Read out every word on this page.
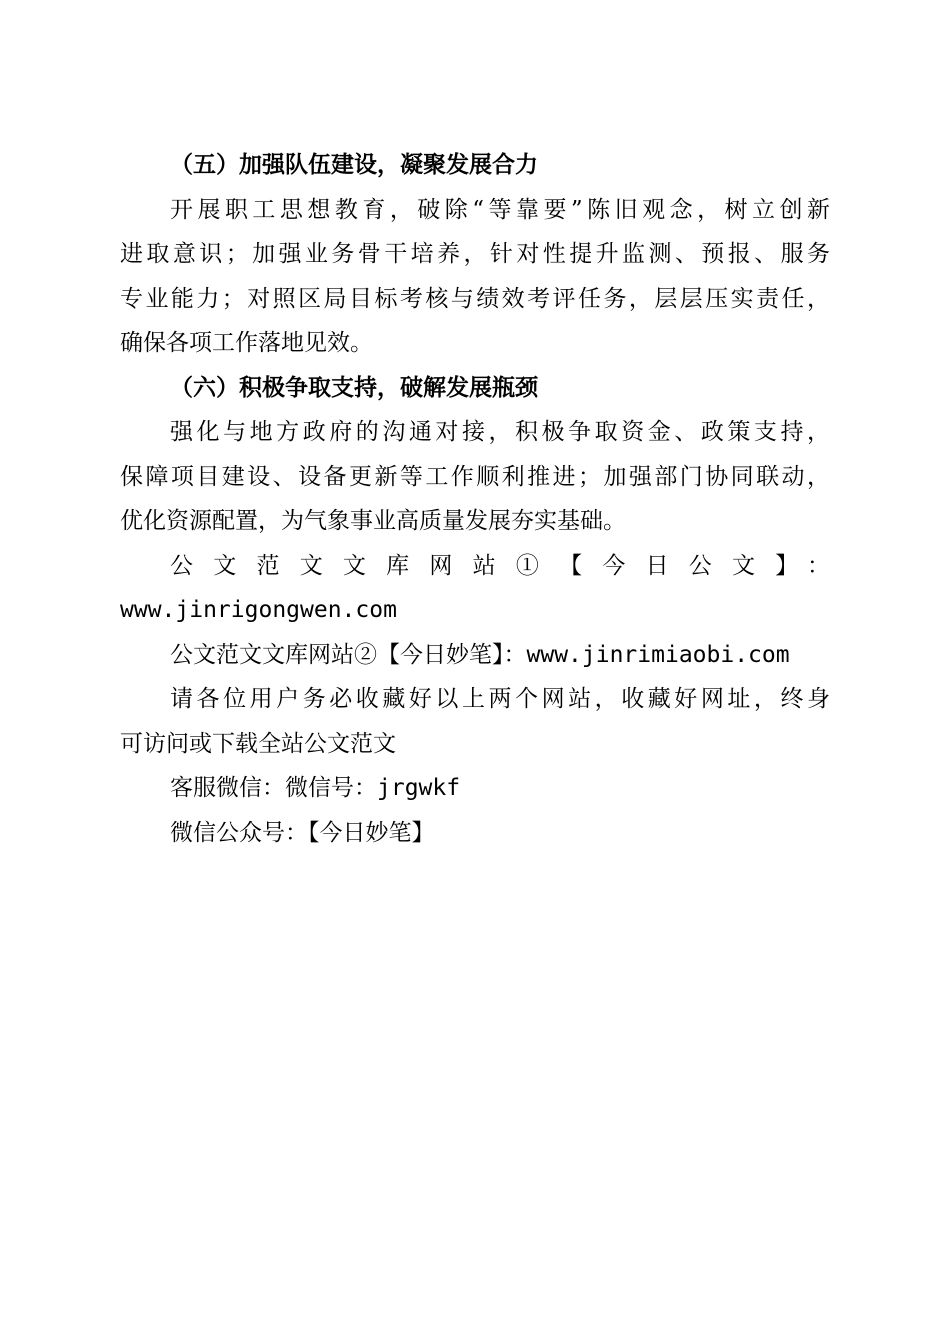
（五）加强队伍建设，凝聚发展合力
开展职工思想教育，破除“等靠要”陈旧观念，树立创新
进取意识；加强业务骨干培养，针对性提升监测、预报、服务
专业能力；对照区局目标考核与绩效考评任务，层层压实责任，
确保各项工作落地见效。
（六）积极争取支持，破解发展瓶颈
强化与地方政府的沟通对接，积极争取资金、政策支持，
保障项目建设、设备更新等工作顺利推进；加强部门协同联动，
优化资源配置，为气象事业高质量发展夯实基础。
公文范文文库网站①【今日公文】：
www.jinrigongwen.com
公文范文文库网站②【今日妙笔】：www.jinrimiaobi.com
请各位用户务必收藏好以上两个网站，收藏好网址，终身
可访问或下载全站公文范文
客服微信：微信号：jrgwkf
微信公众号：【今日妙笔】
